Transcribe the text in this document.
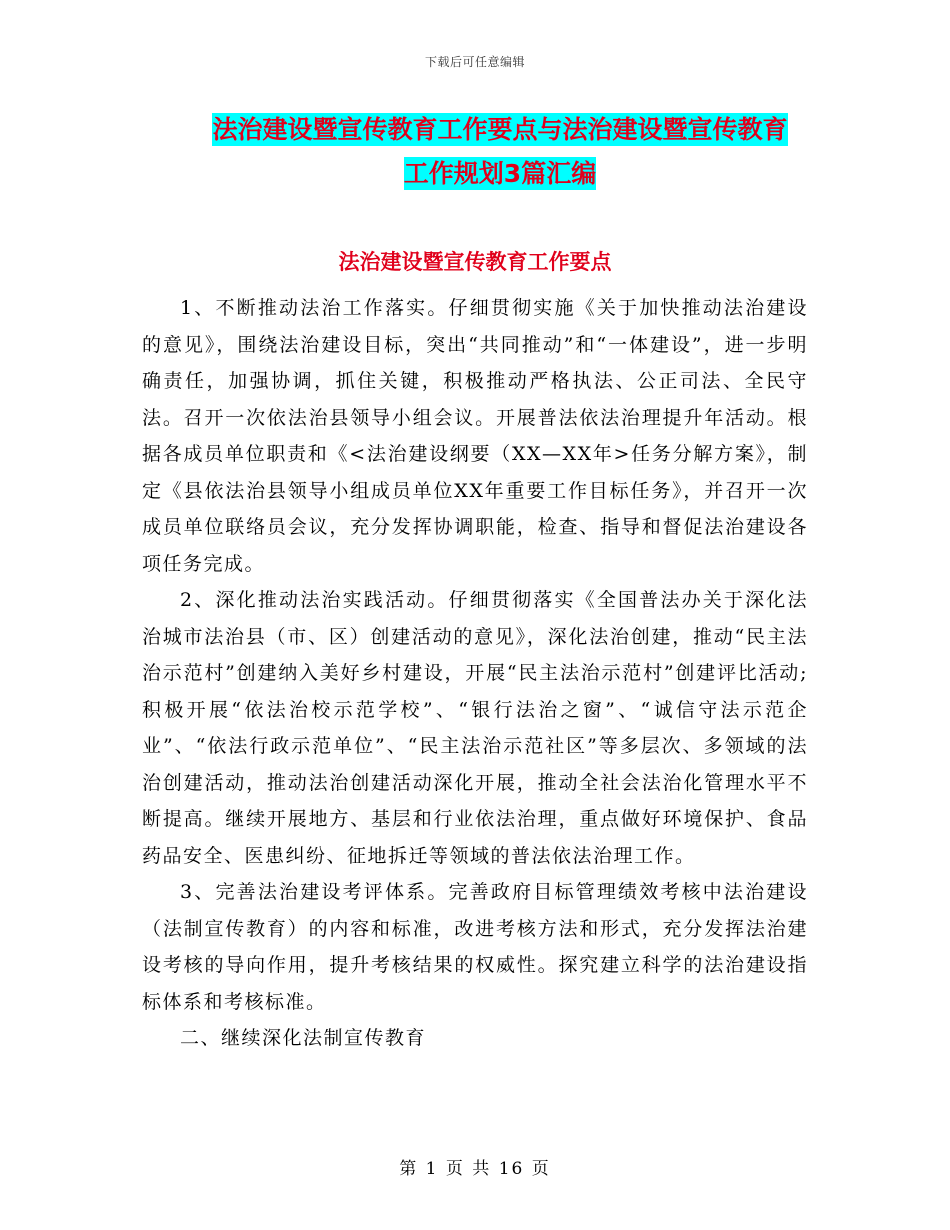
下载后可任意编辑
法治建设暨宣传教育工作要点与法治建设暨宣传教育
工作规划3篇汇编
法治建设暨宣传教育工作要点

1、不断推动法治工作落实。仔细贯彻实施《关于加快推动法治建设的意见》，围绕法治建设目标，突出“共同推动”和“一体建设”，进一步明确责任，加强协调，抓住关键，积极推动严格执法、公正司法、全民守法。召开一次依法治县领导小组会议。开展普法依法治理提升年活动。根据各成员单位职责和《<法治建设纲要（XX—XX年>任务分解方案》，制定《县依法治县领导小组成员单位XX年重要工作目标任务》，并召开一次成员单位联络员会议，充分发挥协调职能，检查、指导和督促法治建设各项任务完成。

2、深化推动法治实践活动。仔细贯彻落实《全国普法办关于深化法治城市法治县（市、区）创建活动的意见》，深化法治创建，推动“民主法治示范村”创建纳入美好乡村建设，开展“民主法治示范村”创建评比活动;积极开展“依法治校示范学校”、“银行法治之窗”、“诚信守法示范企业”、“依法行政示范单位”、“民主法治示范社区”等多层次、多领域的法治创建活动，推动法治创建活动深化开展，推动全社会法治化管理水平不断提高。继续开展地方、基层和行业依法治理，重点做好环境保护、食品药品安全、医患纠纷、征地拆迁等领域的普法依法治理工作。

3、完善法治建设考评体系。完善政府目标管理绩效考核中法治建设（法制宣传教育）的内容和标准，改进考核方法和形式，充分发挥法治建设考核的导向作用，提升考核结果的权威性。探究建立科学的法治建设指标体系和考核标准。

二、继续深化法制宣传教育

第 1 页 共 16 页
